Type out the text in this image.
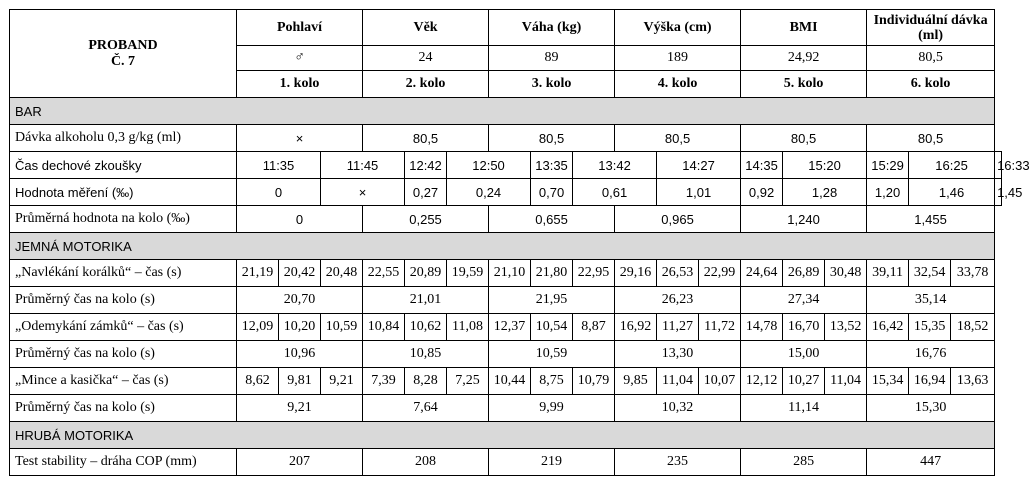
PROBAND
Č. 7	Pohlaví			Věk			Váha (kg)			Výška (cm)			BMI			Individuální dávka (ml)			
	♂			24			89			189			24,92			80,5			
	1. kolo			2. kolo			3. kolo			4. kolo			5. kolo			6. kolo			
BAR																			
Dávka alkoholu 0,3 g/kg (ml)	×			80,5			80,5			80,5			80,5			80,5			
Čas dechové zkoušky	11:35		11:45		12:42	12:50		13:35	13:42		14:27		14:35	15:20		15:29	16:25		16:33
Hodnota měření (‰)	0		×		0,27	0,24		0,70	0,61		1,01		0,92	1,28		1,20	1,46		1,45
Průměrná hodnota na kolo (‰)	0			0,255			0,655			0,965			1,240			1,455			
JEMNÁ MOTORIKA																			
„Navlékání korálků“ – čas (s)	21,19	20,42	20,48	22,55	20,89	19,59	21,10	21,80	22,95	29,16	26,53	22,99	24,64	26,89	30,48	39,11	32,54	33,78	
Průměrný čas na kolo (s)	20,70			21,01			21,95			26,23			27,34			35,14			
„Odemykání zámků“ – čas (s)	12,09	10,20	10,59	10,84	10,62	11,08	12,37	10,54	8,87	16,92	11,27	11,72	14,78	16,70	13,52	16,42	15,35	18,52	
Průměrný čas na kolo (s)	10,96			10,85			10,59			13,30			15,00			16,76			
„Mince a kasička“ – čas (s)	8,62	9,81	9,21	7,39	8,28	7,25	10,44	8,75	10,79	9,85	11,04	10,07	12,12	10,27	11,04	15,34	16,94	13,63	
Průměrný čas na kolo (s)	9,21			7,64			9,99			10,32			11,14			15,30			
HRUBÁ MOTORIKA																			
Test stability – dráha COP (mm)	207			208			219			235			285			447			
